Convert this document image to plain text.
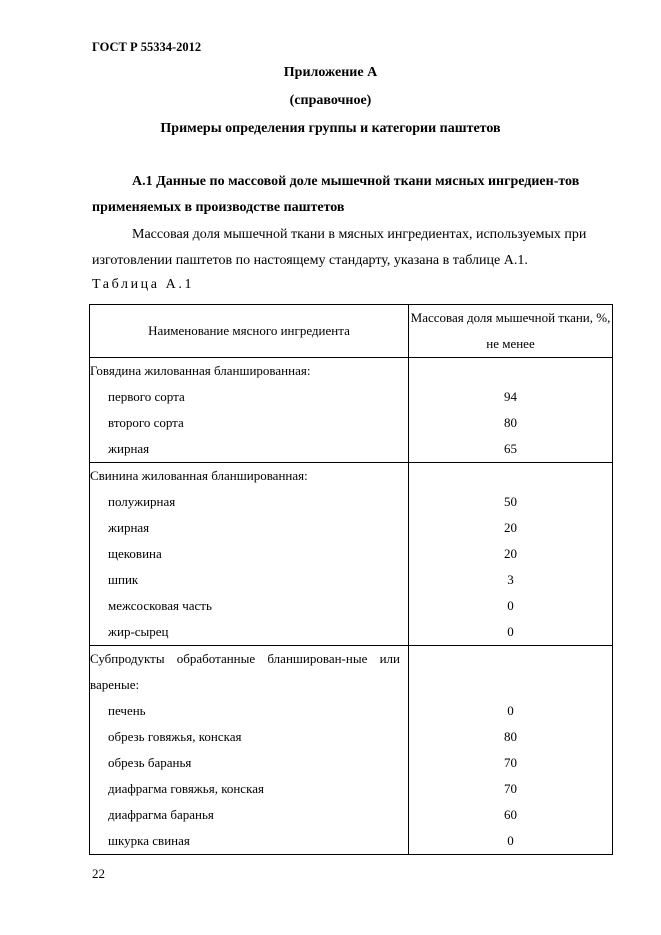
ГОСТ Р 55334-2012
Приложение А
(справочное)
Примеры определения группы и категории паштетов
А.1 Данные по массовой доле мышечной ткани мясных ингредиен-тов применяемых в производстве паштетов
Массовая доля мышечной ткани в мясных ингредиентах, используемых при изготовлении паштетов по настоящему стандарту, указана в таблице А.1.
Таблица А.1
Наименование мясного ингредиента	Массовая доля мышечной ткани, %, не менее
Говядина жилованная бланшированная:	
первого сорта	94
второго сорта	80
жирная	65
Свинина жилованная бланшированная:	
полужирная	50
жирная	20
щековина	20
шпик	3
межсосковая часть	0
жир-сырец	0
Субпродукты обработанные бланширован-ные или вареные:	
печень	0
обрезь говяжья, конская	80
обрезь баранья	70
диафрагма говяжья, конская	70
диафрагма баранья	60
шкурка свиная	0
22
